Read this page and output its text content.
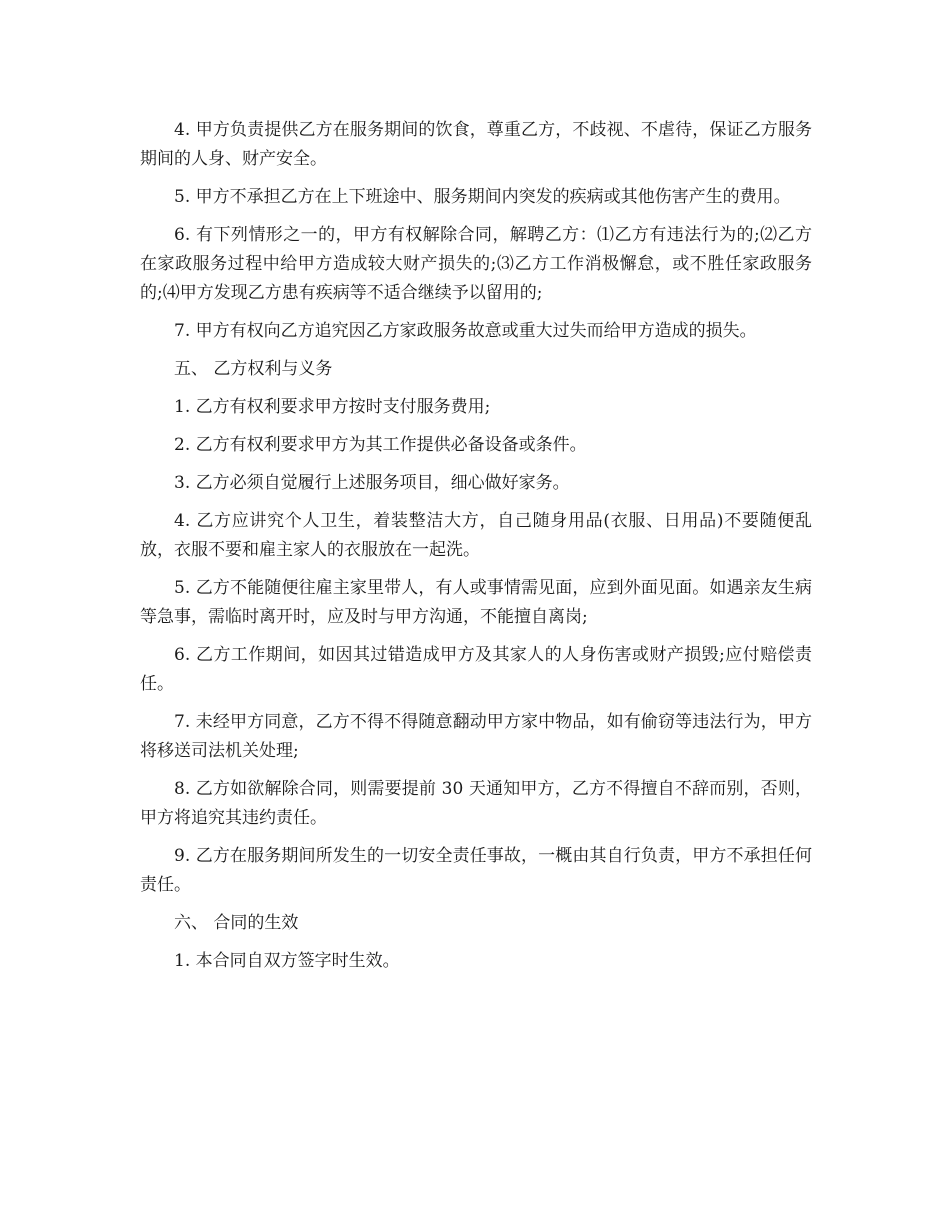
4. 甲方负责提供乙方在服务期间的饮食，尊重乙方，不歧视、不虐待，保证乙方服务期间的人身、财产安全。

5. 甲方不承担乙方在上下班途中、服务期间内突发的疾病或其他伤害产生的费用。

6. 有下列情形之一的，甲方有权解除合同，解聘乙方：⑴乙方有违法行为的;⑵乙方在家政服务过程中给甲方造成较大财产损失的;⑶乙方工作消极懈怠，或不胜任家政服务的;⑷甲方发现乙方患有疾病等不适合继续予以留用的;

7. 甲方有权向乙方追究因乙方家政服务故意或重大过失而给甲方造成的损失。

五、 乙方权利与义务

1. 乙方有权利要求甲方按时支付服务费用;

2. 乙方有权利要求甲方为其工作提供必备设备或条件。

3. 乙方必须自觉履行上述服务项目，细心做好家务。

4. 乙方应讲究个人卫生，着装整洁大方，自己随身用品(衣服、日用品)不要随便乱放，衣服不要和雇主家人的衣服放在一起洗。

5. 乙方不能随便往雇主家里带人，有人或事情需见面，应到外面见面。如遇亲友生病等急事，需临时离开时，应及时与甲方沟通，不能擅自离岗;

6. 乙方工作期间，如因其过错造成甲方及其家人的人身伤害或财产损毁;应付赔偿责任。

7. 未经甲方同意，乙方不得不得随意翻动甲方家中物品，如有偷窃等违法行为，甲方将移送司法机关处理;

8. 乙方如欲解除合同，则需要提前 30 天通知甲方，乙方不得擅自不辞而别，否则，甲方将追究其违约责任。

9. 乙方在服务期间所发生的一切安全责任事故，一概由其自行负责，甲方不承担任何责任。

六、 合同的生效

1. 本合同自双方签字时生效。
